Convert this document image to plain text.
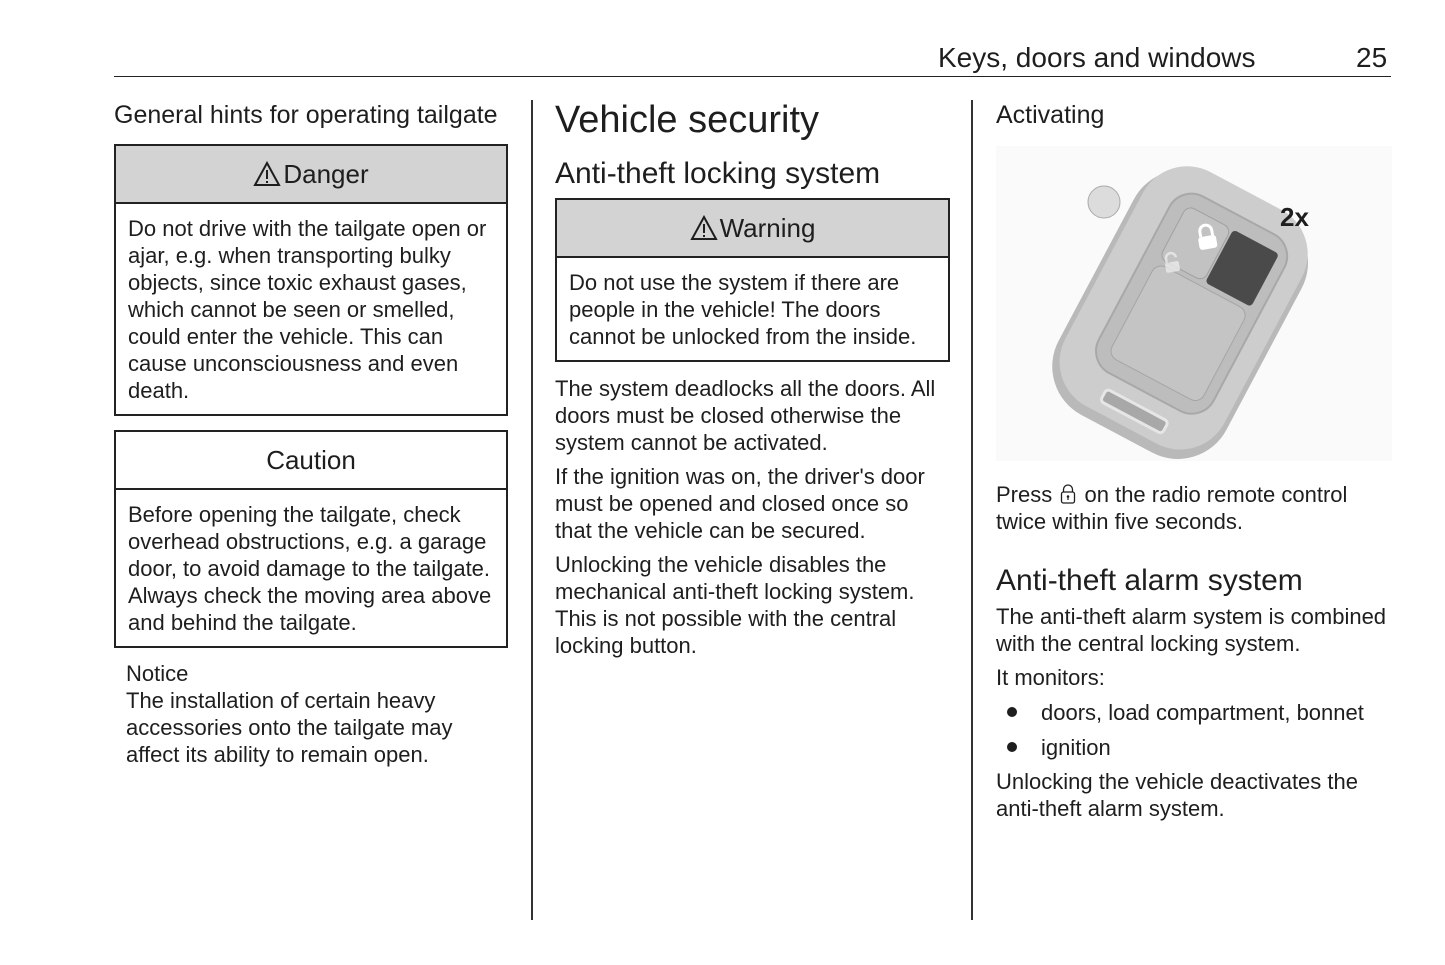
Keys, doors and windows	25
General hints for operating tailgate
Danger
Do not drive with the tailgate open or ajar, e.g. when transporting bulky objects, since toxic exhaust gases, which cannot be seen or smelled, could enter the vehicle. This can cause unconsciousness and even death.
Caution
Before opening the tailgate, check overhead obstructions, e.g. a garage door, to avoid damage to the tailgate. Always check the moving area above and behind the tailgate.

Notice

The installation of certain heavy accessories onto the tailgate may affect its ability to remain open.

Vehicle security
Anti-theft locking system
Warning
Do not use the system if there are people in the vehicle! The doors cannot be unlocked from the inside.

The system deadlocks all the doors. All doors must be closed otherwise the system cannot be activated.

If the ignition was on, the driver's door must be opened and closed once so that the vehicle can be secured.

Unlocking the vehicle disables the mechanical anti-theft locking system. This is not possible with the central locking button.

Activating
2x

Press on the radio remote control twice within five seconds.

Anti-theft alarm system

The anti-theft alarm system is combined with the central locking system.

It monitors:

doors, load compartment, bonnet
ignition

Unlocking the vehicle deactivates the anti-theft alarm system.
